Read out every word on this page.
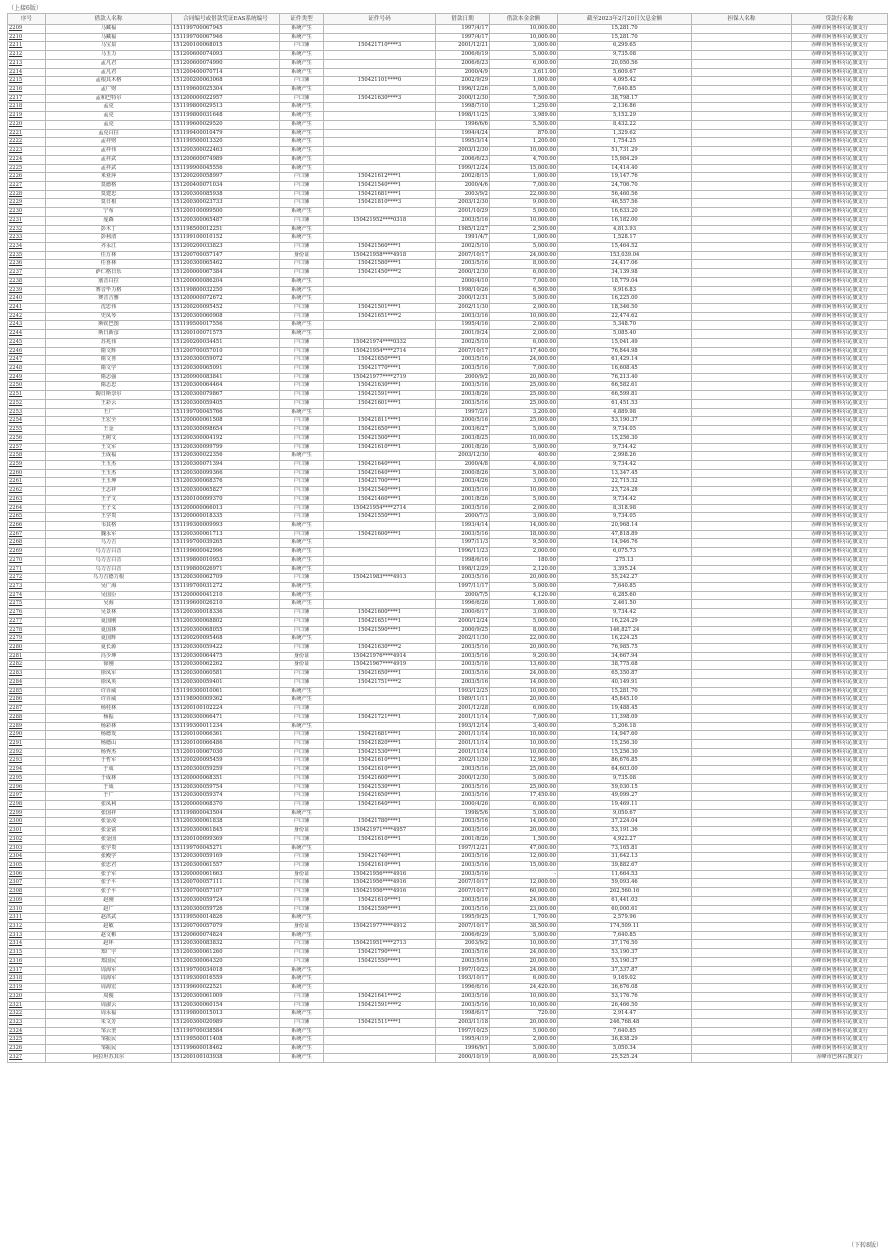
（上接6版）
序号	借款人名称	合同编号或借款凭证EAS系统编号	证件类型	证件号码	借款日期	借款本金余额	截至2023年2月20日欠息金额	担保人名称	贷款行名称
2209	马藏福	151199700067945	系统产生		1997/4/17	10,000.00	15,281.70		赤峰市阿鲁科尔沁旗支行
2210	马藏福	151199700067946	系统产生		1997/4/17	10,000.00	15,281.70		赤峰市阿鲁科尔沁旗支行
2211	马宝泉	151200100068015	户口簿	150421710****3	2001/12/21	3,000.00	6,299.65		赤峰市阿鲁科尔沁旗支行
2212	马玉力	151200600074093	系统产生		2006/6/19	5,000.00	9,735.08		赤峰市阿鲁科尔沁旗支行
2213	孟凡君	151200600074990	系统产生		2006/6/23	6,000.00	20,050.56		赤峰市阿鲁科尔沁旗支行
2214	孟凡君	151200400070714	系统产生		2000/4/9	3,611.00	5,609.67		赤峰市阿鲁科尔沁旗支行
2215	孟根其木格	151200200063068	户口簿	150421101****0	2002/9/29	1,000.00	4,095.42		赤峰市阿鲁科尔沁旗支行
2216	孟广财	151199600025304	系统产生		1996/12/26	5,000.00	7,640.85		赤峰市阿鲁科尔沁旗支行
2217	孟和巴特尔	151200000022957	户口簿	150421630****3	2000/12/30	7,500.00	38,798.17		赤峰市阿鲁科尔沁旗支行
2218	孟克	151199800029513	系统产生		1998/7/10	1,250.00	2,136.86		赤峰市阿鲁科尔沁旗支行
2219	孟克	151199800031648	系统产生		1998/11/25	3,989.00	5,152.29		赤峰市阿鲁科尔沁旗支行
2220	孟克	151199600029520	系统产生		1996/6/6	5,500.00	8,432.22		赤峰市阿鲁科尔沁旗支行
2221	孟克白拉	151199400010479	系统产生		1994/4/24	870.00	1,329.62		赤峰市阿鲁科尔沁旗支行
2222	孟祥财	151199500013320	系统产生		1995/3/14	1,200.00	1,754.25		赤峰市阿鲁科尔沁旗支行
2223	孟祥伟	151200300022463	系统产生		2003/12/30	10,000.00	51,731.29		赤峰市阿鲁科尔沁旗支行
2224	孟祥武	151200600074989	系统产生		2006/6/23	4,700.00	15,984.29		赤峰市阿鲁科尔沁旗支行
2225	孟祥武	151199900045556	系统产生		1999/12/24	15,000.00	14,414.40		赤峰市阿鲁科尔沁旗支行
2226	米亚萍	151200200058997	户口簿	150421612****1	2002/8/15	1,000.00	19,147.76		赤峰市阿鲁科尔沁旗支行
2227	莫德格	151200400071034	户口簿	150421540****1	2000/4/6	7,000.00	24,706.70		赤峰市阿鲁科尔沁旗支行
2228	莫建忠	151200300085938	户口簿	150421681****1	2003/9/2	22,000.00	56,460.56		赤峰市阿鲁科尔沁旗支行
2229	莫日根	151200300023733	户口簿	150421810****3	2003/12/30	9,000.00	46,557.56		赤峰市阿鲁科尔沁旗支行
2230	宁布	151200100099500	系统产生		2001/10/29	5,000.00	16,633.20		赤峰市阿鲁科尔沁旗支行
2231	庞森	151200300065487	户口簿	150421952****0318	2003/5/16	10,000.00	16,182.00		赤峰市阿鲁科尔沁旗支行
2232	彭木丁	151198500012251	系统产生		1985/12/27	2,500.00	4,813.93		赤峰市阿鲁科尔沁旗支行
2233	彭利清	151199100010152	系统产生		1991/4/7	1,000.00	1,528.17		赤峰市阿鲁科尔沁旗支行
2234	齐永江	151200200033823	户口簿	150421560****1	2002/5/10	5,000.00	15,464.52		赤峰市阿鲁科尔沁旗支行
2235	任万林	151200700057147	身份证	150421958****4918	2007/10/17	24,000.00	153,039.04		赤峰市阿鲁科尔沁旗支行
2236	任喜林	151200300065462	户口簿	150421580****1	2003/5/16	8,000.00	24,417.06		赤峰市阿鲁科尔沁旗支行
2237	萨仁格日乐	151200000067384	户口簿	150421450****2	2000/12/30	6,000.00	34,139.98		赤峰市阿鲁科尔沁旗支行
2238	塞音白拉	151200000086204	系统产生		2000/4/10	7,000.00	18,779.04		赤峰市阿鲁科尔沁旗支行
2239	赛音毕力格	151199800032250	系统产生		1998/10/26	6,500.00	9,916.83		赤峰市阿鲁科尔沁旗支行
2240	赛音吉雅	151200000072672	系统产生		2000/12/31	5,000.00	16,225.00		赤峰市阿鲁科尔沁旗支行
2241	沈忠伟	151200200095452	户口簿	150421501****1	2002/11/30	2,000.00	18,346.50		赤峰市阿鲁科尔沁旗支行
2242	史凤琴	151200300060908	户口簿	150421651****2	2003/3/16	10,000.00	22,474.62		赤峰市阿鲁科尔沁旗支行
2243	斯钦巴图	151199500017556	系统产生		1995/4/16	2,000.00	5,348.70		赤峰市阿鲁科尔沁旗支行
2244	斯日新彦	151200100071575	系统产生		2001/9/24	2,000.00	5,085.40		赤峰市阿鲁科尔沁旗支行
2245	苏兆伟	151200200034451	户口簿	150421974****0332	2002/5/10	6,000.00	15,041.49		赤峰市阿鲁科尔沁旗支行
2246	隋文辉	151200700057010	户口簿	150421954****2714	2007/10/17	17,400.00	76,844.98		赤峰市阿鲁科尔沁旗支行
2247	隋文喜	151200300059072	户口簿	150421650****1	2003/5/16	24,000.00	61,429.14		赤峰市阿鲁科尔沁旗支行
2248	隋文学	151200300065091	户口簿	150421770****1	2003/5/16	7,000.00	16,608.45		赤峰市阿鲁科尔沁旗支行
2249	隋志强	151200900083841	户口簿	150421977****2719	2000/9/2	20,000.00	76,213.40		赤峰市阿鲁科尔沁旗支行
2250	隋志忠	151200300064464	户口簿	150421630****1	2003/5/16	25,000.00	66,582.61		赤峰市阿鲁科尔沁旗支行
2251	陶日斯奈尔	151200300079867	户口簿	150421591****1	2003/8/26	25,000.00	66,599.81		赤峰市阿鲁科尔沁旗支行
2252	王彩云	151200300059405	户口簿	150421601****1	2003/5/16	25,000.00	61,451.53		赤峰市阿鲁科尔沁旗支行
2253	王广	151199700045766	系统产生		1997/2/1	3,200.00	4,889.98		赤峰市阿鲁科尔沁旗支行
2254	王宏全	151200000061508	户口簿	150421811****1	2000/5/16	25,000.00	53,190.37		赤峰市阿鲁科尔沁旗支行
2255	王金	151200300098654	户口簿	150421650****1	2003/6/27	5,000.00	9,734.05		赤峰市阿鲁科尔沁旗支行
2256	王树文	151200300004192	户口簿	150421500****1	2003/8/25	10,000.00	15,256.30		赤峰市阿鲁科尔沁旗支行
2257	王文军	151200300099799	户口簿	150421610****1	2001/8/26	5,000.00	9,734.42		赤峰市阿鲁科尔沁旗支行
2258	王成福	151200300022356	系统产生		2003/12/30	400.00	2,998.26		赤峰市阿鲁科尔沁旗支行
2259	王玉杰	151200300071394	户口簿	150421640****1	2000/4/8	4,000.00	9,734.42		赤峰市阿鲁科尔沁旗支行
2260	王玉杰	151200300099366	户口簿	150421640****1	2000/8/26	5,000.00	13,347.45		赤峰市阿鲁科尔沁旗支行
2261	王玉坤	151200300068376	户口簿	150421700****1	2003/4/26	3,000.00	22,715.32		赤峰市阿鲁科尔沁旗支行
2262	王志祥	151200300065827	户口簿	150421540****1	2003/5/16	10,000.00	23,724.28		赤峰市阿鲁科尔沁旗支行
2263	王子文	151200100099370	户口簿	150421460****1	2001/8/26	5,000.00	9,734.42		赤峰市阿鲁科尔沁旗支行
2264	王子义	151200000066013	户口簿	150421954****2714	2003/5/16	2,000.00	8,318.98		赤峰市阿鲁科尔沁旗支行
2265	王学贵	151200000018335	户口簿	150421550****1	2000/7/3	3,000.00	9,734.05		赤峰市阿鲁科尔沁旗支行
2266	韦其格	151199300009993	系统产生		1993/4/14	14,000.00	20,968.14		赤峰市阿鲁科尔沁旗支行
2267	魏永军	151200300061713	户口簿	150421600****1	2003/5/16	18,000.00	47,818.89		赤峰市阿鲁科尔沁旗支行
2268	乌力吉	151199700039265	系统产生		1997/11/3	9,500.00	14,946.76		赤峰市阿鲁科尔沁旗支行
2269	乌力吉白音	151199600042996	系统产生		1996/11/23	2,000.00	6,075.73		赤峰市阿鲁科尔沁旗支行
2270	乌力吉白音	151199800010953	系统产生		1998/6/16	180.00	275.13		赤峰市阿鲁科尔沁旗支行
2271	乌力吉白音	151199800026971	系统产生		1998/12/29	2,120.00	3,395.24		赤峰市阿鲁科尔沁旗支行
2272	乌力吉德力根	151200300062709	户口簿	150421983****4913	2003/5/16	20,000.00	55,242.27		赤峰市阿鲁科尔沁旗支行
2273	吴广海	151199700031272	系统产生		1997/11/17	5,000.00	7,640.85		赤峰市阿鲁科尔沁旗支行
2274	吴国臣	151200000041210	系统产生		2000/7/5	4,120.00	6,285.60		赤峰市阿鲁科尔沁旗支行
2275	吴海	151199600026210	系统产生		1996/6/26	1,600.00	2,461.50		赤峰市阿鲁科尔沁旗支行
2276	吴景林	151200300018336	户口簿	150421600****1	2000/6/17	3,000.00	9,734.42		赤峰市阿鲁科尔沁旗支行
2277	夏国刚	151200300068802	户口簿	150421651****1	2000/12/24	5,000.00	16,224.29		赤峰市阿鲁科尔沁旗支行
2278	夏国林	151200300068055	户口簿	150421590****1	2000/9/25	8,000.00	146,827.24		赤峰市阿鲁科尔沁旗支行
2279	夏国辉	151200200095468	系统产生		2002/11/30	22,000.00	16,224.25		赤峰市阿鲁科尔沁旗支行
2280	夏长源	151200300059422	户口簿	150421630****2	2003/5/16	20,000.00	76,985.75		赤峰市阿鲁科尔沁旗支行
2281	冯少坤	151200300064475	身份证	150421976****4914	2003/5/16	9,200.00	34,667.94		赤峰市阿鲁科尔沁旗支行
2282	徐刚	151200300062262	身份证	150421967****4919	2003/5/16	13,600.00	38,775.68		赤峰市阿鲁科尔沁旗支行
2283	徐凤军	151200300060581	户口簿	150421650****1	2003/5/16	24,000.00	65,350.87		赤峰市阿鲁科尔沁旗支行
2284	徐凤英	151200300059401	户口簿	150421751****2	2003/5/16	14,000.00	40,149.91		赤峰市阿鲁科尔沁旗支行
2285	许百威	151199300010061	系统产生		1993/12/25	10,000.00	15,281.70		赤峰市阿鲁科尔沁旗支行
2286	许百威	151198900009362	系统产生		1989/11/11	20,000.00	45,845.10		赤峰市阿鲁科尔沁旗支行
2287	杨桂林	151200100102224	户口簿		2001/12/28	6,000.00	19,488.45		赤峰市阿鲁科尔沁旗支行
2288	杨振	151200300066471	户口簿	150421721****1	2001/11/14	7,000.00	11,398.09		赤峰市阿鲁科尔沁旗支行
2289	杨彩林	151199300011234	系统产生		1993/12/14	3,400.00	5,206.18		赤峰市阿鲁科尔沁旗支行
2290	杨德发	151200100066361	户口簿	150421681****1	2001/11/14	10,000.00	14,947.60		赤峰市阿鲁科尔沁旗支行
2291	杨德山	151200100066486	户口簿	150421820****1	2001/11/14	10,000.00	15,256.30		赤峰市阿鲁科尔沁旗支行
2292	杨秀杰	151200100067030	户口簿	150421530****1	2001/11/14	10,000.00	15,256.30		赤峰市阿鲁科尔沁旗支行
2293	于哲军	151200200095459	户口簿	150421610****1	2002/11/30	12,960.00	86,676.85		赤峰市阿鲁科尔沁旗支行
2294	于成	151200300059259	户口簿	150421610****1	2003/5/16	25,000.00	64,603.00		赤峰市阿鲁科尔沁旗支行
2295	于成林	151200000068351	户口簿	150421600****1	2000/12/30	5,000.00	9,735.08		赤峰市阿鲁科尔沁旗支行
2296	于成	151200300059754	户口簿	150421530****1	2003/5/16	25,000.00	59,030.15		赤峰市阿鲁科尔沁旗支行
2297	于广	151200300059374	户口簿	150421650****1	2003/5/16	17,450.00	49,099.27		赤峰市阿鲁科尔沁旗支行
2298	张凤利	151200000068370	户口簿	150421640****1	2000/4/26	6,000.00	19,469.11		赤峰市阿鲁科尔沁旗支行
2299	张国祥	151199800043504	系统产生		1998/5/6	5,000.00	9,050.67		赤峰市阿鲁科尔沁旗支行
2300	张金凌	151200300061838	户口簿	150421780****1	2003/5/16	14,000.00	37,224.04		赤峰市阿鲁科尔沁旗支行
2301	张金富	151200300061845	身份证	150421971****4957	2003/5/16	20,000.00	53,191.36		赤峰市阿鲁科尔沁旗支行
2302	张金国	151200100099369	户口簿	150421610****1	2001/8/26	1,500.00	4,922.27		赤峰市阿鲁科尔沁旗支行
2303	张学贵	151199700045271	系统产生		1997/12/21	47,000.00	73,165.81		赤峰市阿鲁科尔沁旗支行
2304	张殿学	151200300059169	户口簿	150421740****1	2003/5/16	12,000.00	31,642.13		赤峰市阿鲁科尔沁旗支行
2305	张忠君	151200300061557	户口簿	150421610****1	2003/5/16	15,000.00	39,882.67		赤峰市阿鲁科尔沁旗支行
2306	张子军	151200000061663	身份证	150421956****4916	2003/5/16	-	11,664.53		赤峰市阿鲁科尔沁旗支行
2307	张子平	151200700057111	户口簿	150421956****4916	2007/10/17	12,000.00	59,093.46		赤峰市阿鲁科尔沁旗支行
2308	张子平	151200700057107	户口簿	150421956****4916	2007/10/17	60,000.00	262,560.16		赤峰市阿鲁科尔沁旗支行
2309	赵刚	151200300059724	户口簿	150421610****1	2003/5/16	24,000.00	61,441.03		赤峰市阿鲁科尔沁旗支行
2310	赵广	151200300059726	户口簿	150421590****1	2003/5/16	23,000.00	60,000.61		赤峰市阿鲁科尔沁旗支行
2311	赵洪武	151199500014826	系统产生		1995/9/25	1,700.00	2,579.96		赤峰市阿鲁科尔沁旗支行
2312	赵敏	151200700057079	身份证	150421977****4912	2007/10/17	38,500.00	174,509.11		赤峰市阿鲁科尔沁旗支行
2313	赵文彬	151200600074824	系统产生		2006/6/29	5,000.00	7,640.85		赤峰市阿鲁科尔沁旗支行
2314	赵环	151200300083832	户口簿	150421951****2713	2003/9/2	10,000.00	37,176.50		赤峰市阿鲁科尔沁旗支行
2315	郑广宇	151200300061260	户口簿	150421790****1	2003/5/16	24,000.00	53,190.37		赤峰市阿鲁科尔沁旗支行
2316	郑国民	151200300064320	户口簿	150421550****1	2003/5/16	20,000.00	53,190.37		赤峰市阿鲁科尔沁旗支行
2317	周海军	151199700034018	系统产生		1997/10/23	24,000.00	37,337.87		赤峰市阿鲁科尔沁旗支行
2318	周海军	151199300016559	系统产生		1993/10/17	6,000.00	9,169.02		赤峰市阿鲁科尔沁旗支行
2319	周海宏	151199600022521	系统产生		1996/6/16	24,420.00	36,676.08		赤峰市阿鲁科尔沁旗支行
2320	周俊	151200300061009	户口簿	150421641****2	2003/5/16	10,000.00	53,176.76		赤峰市阿鲁科尔沁旗支行
2321	周淑云	151200300060154	户口簿	150421591****2	2003/5/16	10,000.00	26,466.50		赤峰市阿鲁科尔沁旗支行
2322	周永福	151199800015013	系统产生		1998/6/17	720.00	2,914.47		赤峰市阿鲁科尔沁旗支行
2323	朱文芳	151200300020989	户口簿	150421511****1	2003/11/18	20,000.00	246,768.48		赤峰市阿鲁科尔沁旗支行
2324	邹云奎	151199700038584	系统产生		1997/10/25	5,000.00	7,640.85		赤峰市阿鲁科尔沁旗支行
2325	邹振民	151199500011408	系统产生		1995/4/19	2,000.00	36,838.29		赤峰市阿鲁科尔沁旗支行
2326	邹振民	151199600018462	系统产生		1996/9/1	5,000.00	5,050.34		赤峰市阿鲁科尔沁旗支行
2327	阿拉坦苏其尔	151200100103938	系统产生		2000/10/19	8,000.00	25,525.24		赤峰市巴林右旗支行
（下转8版）
